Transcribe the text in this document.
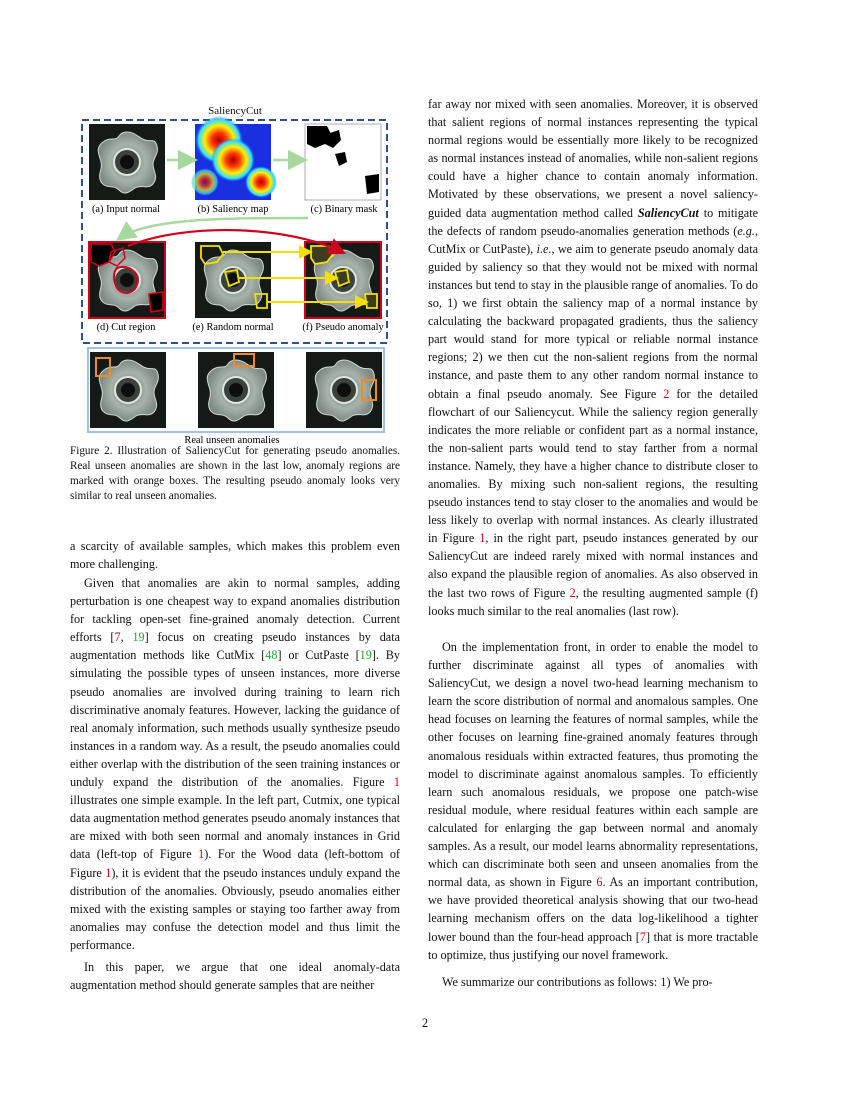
SaliencyCut
(a) Input normal	(b) Saliency map	(c) Binary mask
(d) Cut region	(e) Random normal	(f) Pseudo anomaly
Real unseen anomalies

Figure 2. Illustration of SaliencyCut for generating pseudo anomalies. Real unseen anomalies are shown in the last low, anomaly regions are marked with orange boxes. The resulting pseudo anomaly looks very similar to real unseen anomalies.

a scarcity of available samples, which makes this problem even more challenging.

Given that anomalies are akin to normal samples, adding perturbation is one cheapest way to expand anomalies distribution for tackling open-set fine-grained anomaly detection. Current efforts [7, 19] focus on creating pseudo instances by data augmentation methods like CutMix [48] or CutPaste [19]. By simulating the possible types of unseen instances, more diverse pseudo anomalies are involved during training to learn rich discriminative anomaly features. However, lacking the guidance of real anomaly information, such methods usually synthesize pseudo instances in a random way. As a result, the pseudo anomalies could either overlap with the distribution of the seen training instances or unduly expand the distribution of the anomalies. Figure 1 illustrates one simple example. In the left part, Cutmix, one typical data augmentation method generates pseudo anomaly instances that are mixed with both seen normal and anomaly instances in Grid data (left-top of Figure 1). For the Wood data (left-bottom of Figure 1), it is evident that the pseudo instances unduly expand the distribution of the anomalies. Obviously, pseudo anomalies either mixed with the existing samples or staying too farther away from anomalies may confuse the detection model and thus limit the performance.

In this paper, we argue that one ideal anomaly-data augmentation method should generate samples that are neither

far away nor mixed with seen anomalies. Moreover, it is observed that salient regions of normal instances representing the typical normal regions would be essentially more likely to be recognized as normal instances instead of anomalies, while non-salient regions could have a higher chance to contain anomaly information. Motivated by these observations, we present a novel saliency-guided data augmentation method called SaliencyCut to mitigate the defects of random pseudo-anomalies generation methods (e.g., CutMix or CutPaste), i.e., we aim to generate pseudo anomaly data guided by saliency so that they would not be mixed with normal instances but tend to stay in the plausible range of anomalies. To do so, 1) we first obtain the saliency map of a normal instance by calculating the backward propagated gradients, thus the saliency part would stand for more typical or reliable normal instance regions; 2) we then cut the non-salient regions from the normal instance, and paste them to any other random normal instance to obtain a final pseudo anomaly. See Figure 2 for the detailed flowchart of our Saliencycut. While the saliency region generally indicates the more reliable or confident part as a normal instance, the non-salient parts would tend to stay farther from a normal instance. Namely, they have a higher chance to distribute closer to anomalies. By mixing such non-salient regions, the resulting pseudo instances tend to stay closer to the anomalies and would be less likely to overlap with normal instances. As clearly illustrated in Figure 1, in the right part, pseudo instances generated by our SaliencyCut are indeed rarely mixed with normal instances and also expand the plausible region of anomalies. As also observed in the last two rows of Figure 2, the resulting augmented sample (f) looks much similar to the real anomalies (last row).

On the implementation front, in order to enable the model to further discriminate against all types of anomalies with SaliencyCut, we design a novel two-head learning mechanism to learn the score distribution of normal and anomalous samples. One head focuses on learning the features of normal samples, while the other focuses on learning fine-grained anomaly features through anomalous residuals within extracted features, thus promoting the model to discriminate against anomalous samples. To efficiently learn such anomalous residuals, we propose one patch-wise residual module, where residual features within each sample are calculated for enlarging the gap between normal and anomaly samples. As a result, our model learns abnormality representations, which can discriminate both seen and unseen anomalies from the normal data, as shown in Figure 6. As an important contribution, we have provided theoretical analysis showing that our two-head learning mechanism offers on the data log-likelihood a tighter lower bound than the four-head approach [7] that is more tractable to optimize, thus justifying our novel framework.

We summarize our contributions as follows: 1) We pro-

2
